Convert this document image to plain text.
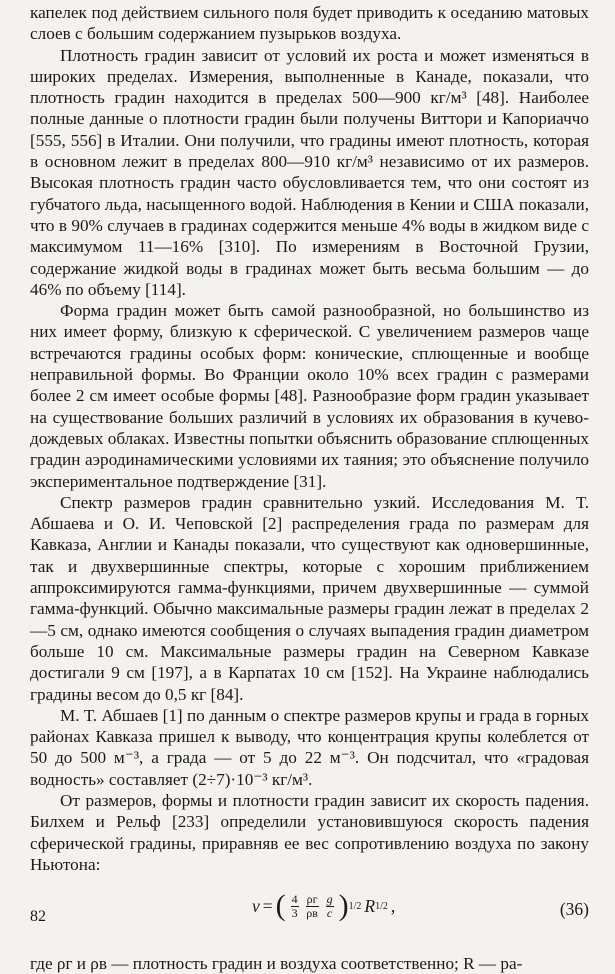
капелек под действием сильного поля будет приводить к оседанию матовых слоев с большим содержанием пузырьков воздуха.

Плотность градин зависит от условий их роста и может изменяться в широких пределах. Измерения, выполненные в Канаде, показали, что плотность градин находится в пределах 500—900 кг/м³ [48]. Наиболее полные данные о плотности градин были получены Виттори и Капориаччо [555, 556] в Италии. Они получили, что градины имеют плотность, которая в основном лежит в пределах 800—910 кг/м³ независимо от их размеров. Высокая плотность градин часто обусловливается тем, что они состоят из губчатого льда, насыщенного водой. Наблюдения в Кении и США показали, что в 90% случаев в градинах содержится меньше 4% воды в жидком виде с максимумом 11—16% [310]. По измерениям в Восточной Грузии, содержание жидкой воды в градинах может быть весьма большим — до 46% по объему [114].

Форма градин может быть самой разнообразной, но большинство из них имеет форму, близкую к сферической. С увеличением размеров чаще встречаются градины особых форм: конические, сплющенные и вообще неправильной формы. Во Франции около 10% всех градин с размерами более 2 см имеет особые формы [48]. Разнообразие форм градин указывает на существование больших различий в условиях их образования в кучево-дождевых облаках. Известны попытки объяснить образование сплющенных градин аэродинамическими условиями их таяния; это объяснение получило экспериментальное подтверждение [31].

Спектр размеров градин сравнительно узкий. Исследования М. Т. Абшаева и О. И. Чеповской [2] распределения града по размерам для Кавказа, Англии и Канады показали, что существуют как одновершинные, так и двухвершинные спектры, которые с хорошим приближением аппроксимируются гамма-функциями, причем двухвершинные — суммой гамма-функций. Обычно максимальные размеры градин лежат в пределах 2—5 см, однако имеются сообщения о случаях выпадения градин диаметром больше 10 см. Максимальные размеры градин на Северном Кавказе достигали 9 см [197], а в Карпатах 10 см [152]. На Украине наблюдались градины весом до 0,5 кг [84].

М. Т. Абшаев [1] по данным о спектре размеров крупы и града в горных районах Кавказа пришел к выводу, что концентрация крупы колеблется от 50 до 500 м⁻³, а града — от 5 до 22 м⁻³. Он подсчитал, что «градовая водность» составляет (2÷7)·10⁻³ кг/м³.

От размеров, формы и плотности градин зависит их скорость падения. Билхем и Рельф [233] определили установившуюся скорость падения сферической градины, приравняв ее вес сопротивлению воздуха по закону Ньютона:

v = ( $\frac{4}{3} \frac{\rho г}{\rho в} \frac{g}{c}$ ) 1/2 R 1/2 ,	(36)

где ρг и ρв — плотность градин и воздуха соответственно; R — ра-

82
